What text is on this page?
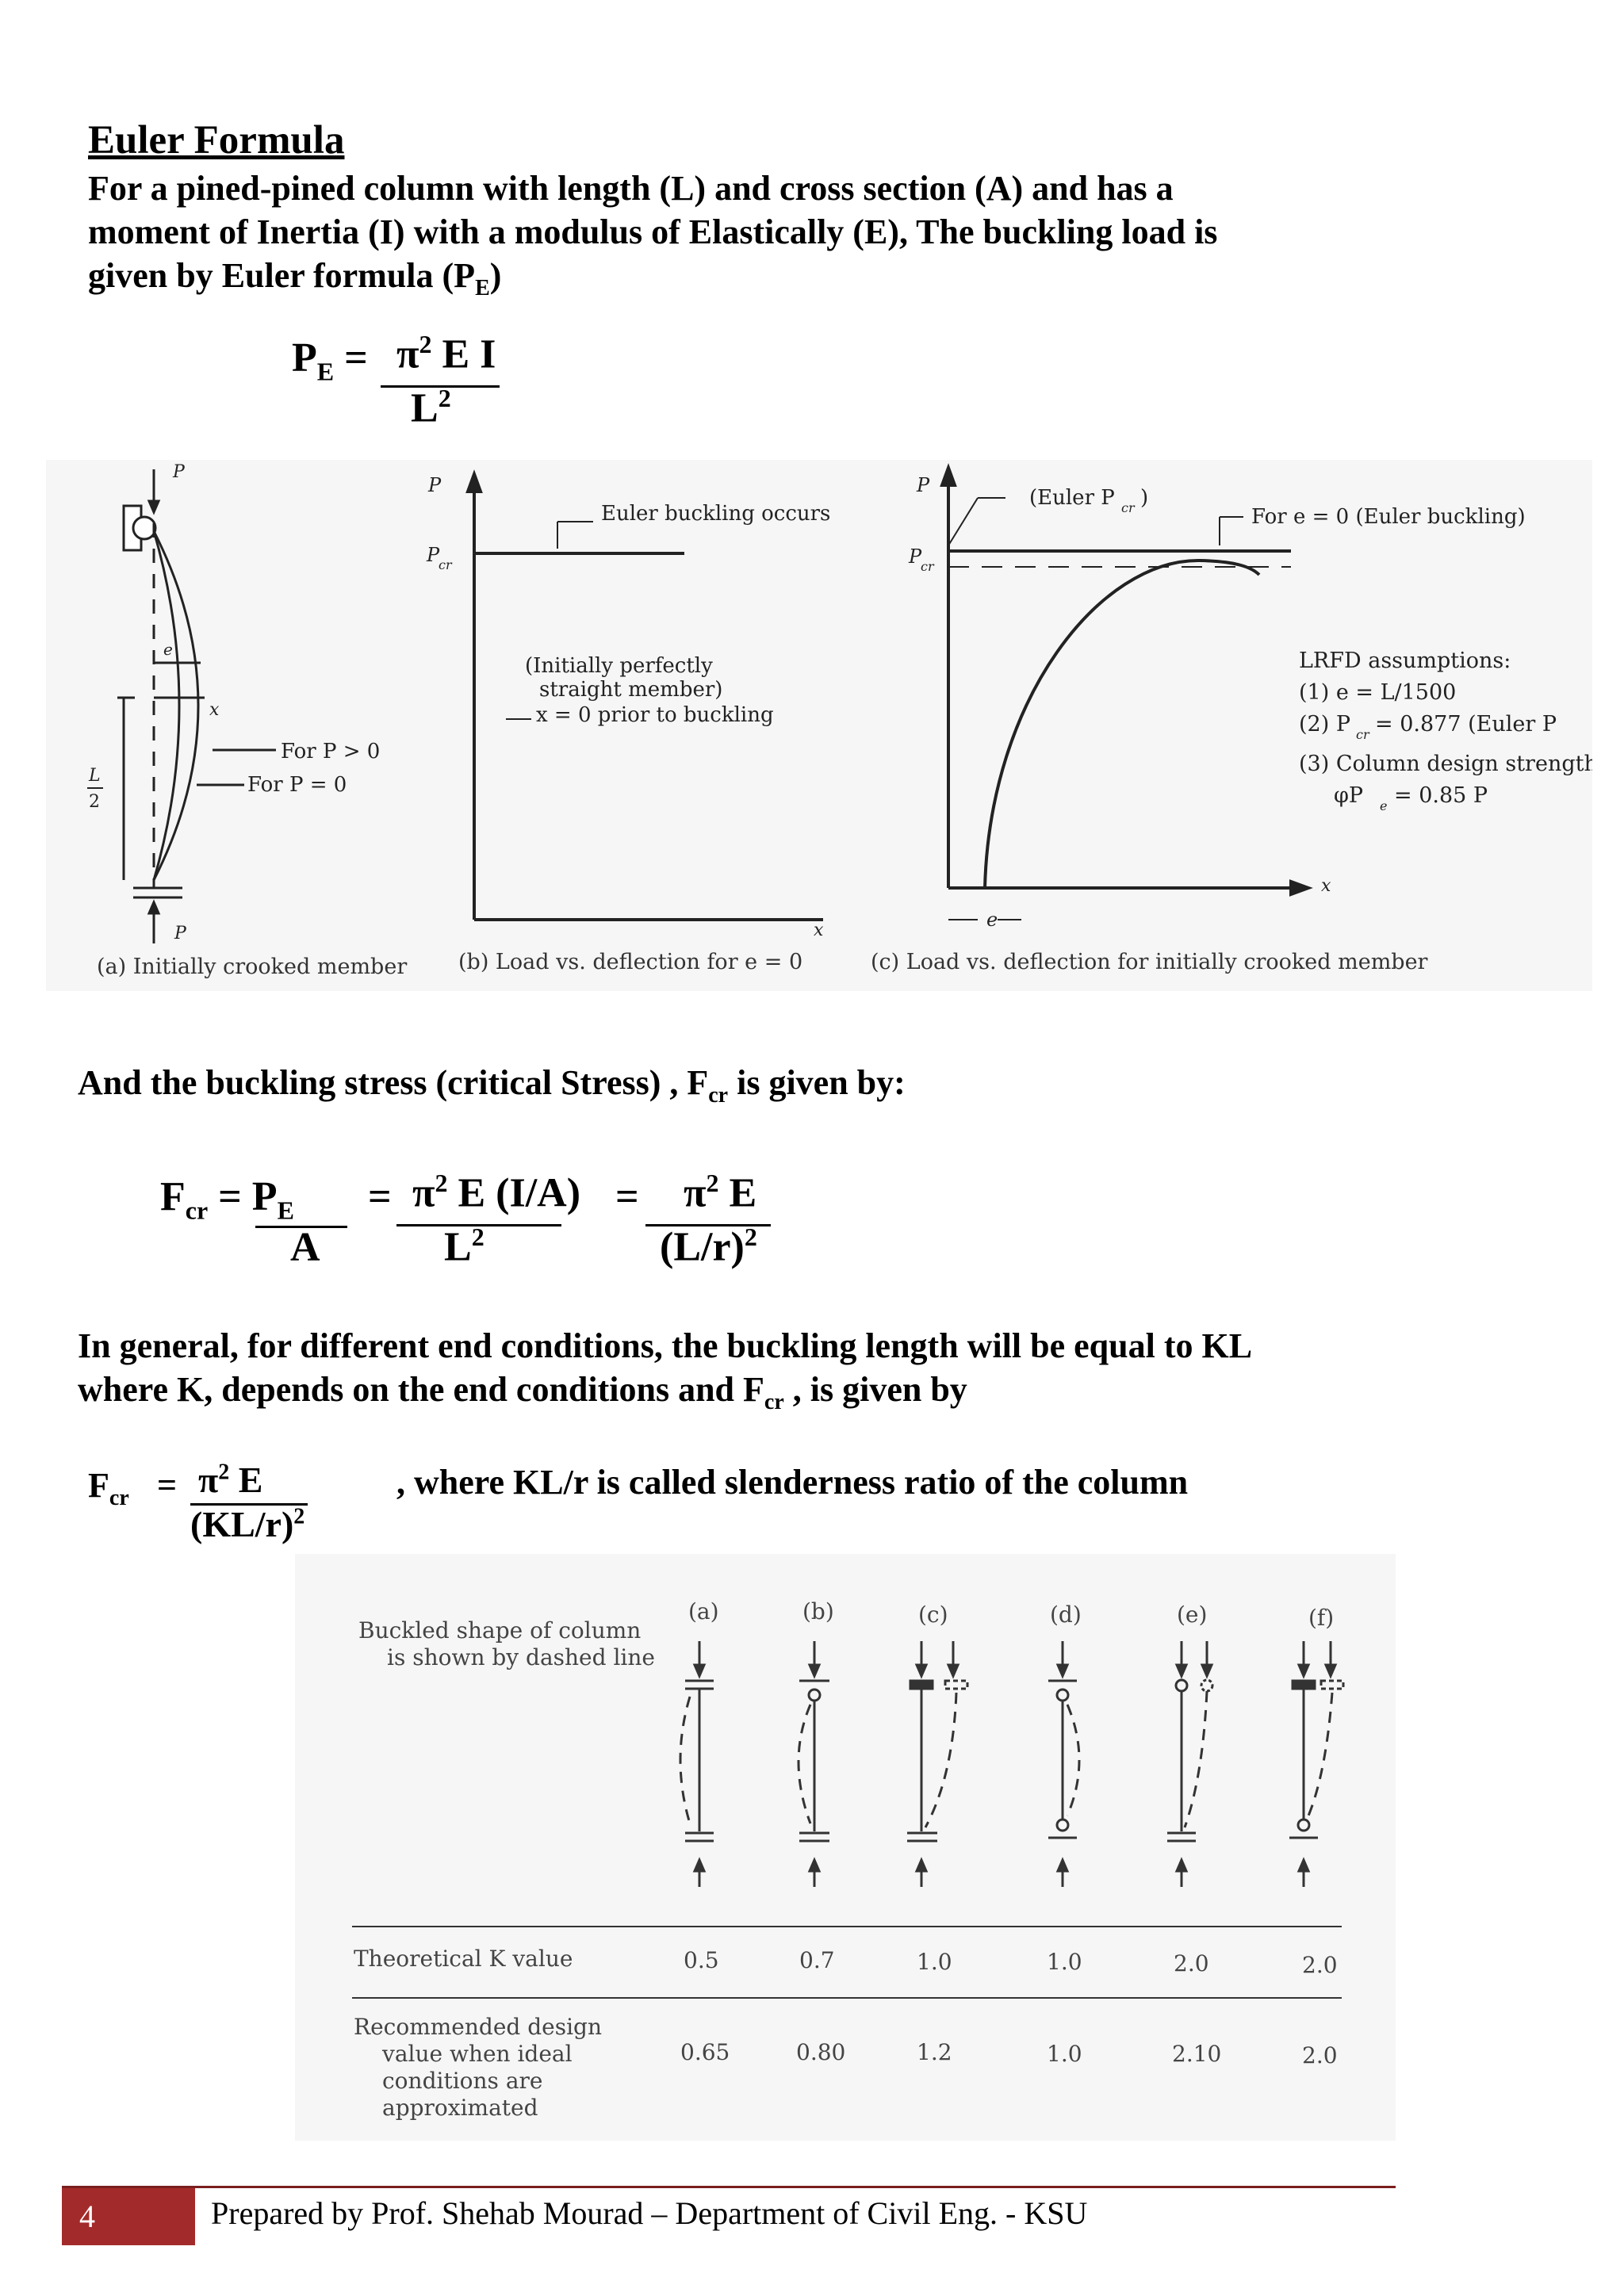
Euler Formula
For a pined-pined column with length (L) and cross section (A) and has a
moment of Inertia (I) with a modulus of Elastically (E), The buckling load is
given by Euler formula $(P_E)$
$P_E = \pi^2$ E I
$L^2$
P
P
e
x
L
2
For P > 0
For P = 0
(a) Initially crooked member
P
P
cr
Euler buckling occurs
(Initially perfectly
straight member)
x = 0 prior to buckling
x
(b) Load vs. deflection for e = 0
P
P
cr
(Euler P cr )
For e = 0 (Euler buckling)
LRFD assumptions:
(1) e = L/1500
(2) P cr = 0.877 (Euler P
(3) Column design strength
φP e = 0.85 P
e
x
(c) Load vs. deflection for initially crooked member
And the buckling stress (critical Stress) , $F_{cr}$ is given by:
$F_{cr} = P_E$
A
= $\pi^2$ E (I/A)
$L^2$
= $\pi^2$ E
$(L/r)^2$
In general, for different end conditions, the buckling length will be equal to KL
where K, depends on the end conditions and $F_{cr}$ , is given by
$F_{cr} = \pi^2$ E
$(KL/r)^2$
, where KL/r is called slenderness ratio of the column
Buckled shape of column
is shown by dashed line
(a)	(b)	(c)	(d)	(e)	(f)
Theoretical K value	0.5	0.7	1.0	1.0	2.0	2.0
Recommended design
value when ideal
conditions are
approximated
0.65	0.80	1.2	1.0	2.10	2.0
4	Prepared by Prof. Shehab Mourad – Department of Civil Eng. - KSU
